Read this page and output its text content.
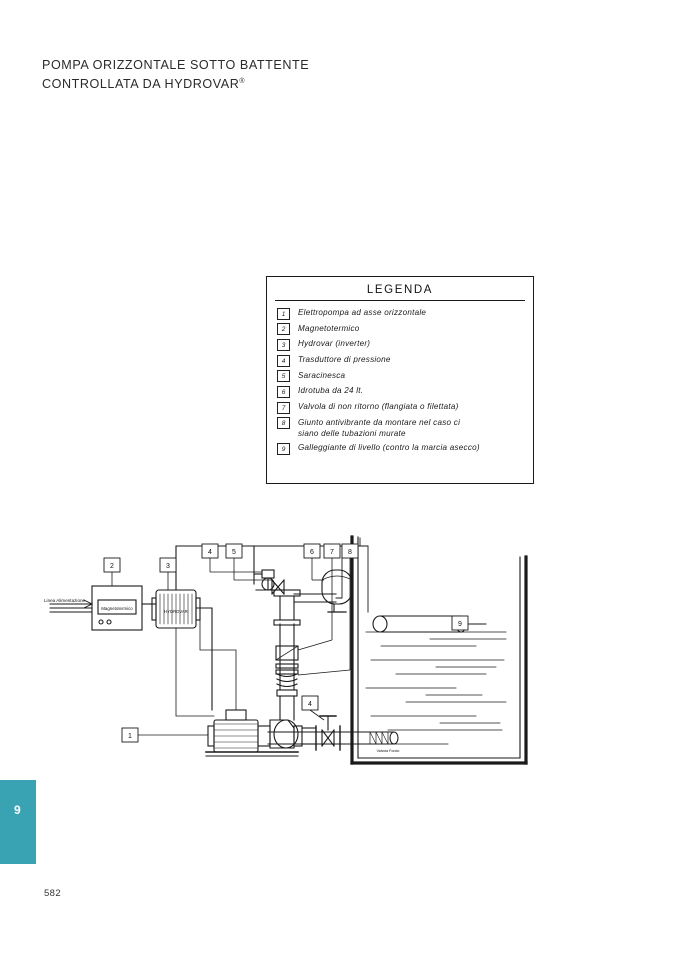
POMPA ORIZZONTALE SOTTO BATTENTE
CONTROLLATA DA HYDROVAR®
LEGENDA
1	Elettropompa ad asse orizzontale
2	Magnetotermico
3	Hydrovar (inverter)
4	Trasduttore di pressione
5	Saracinesca
6	Idrotuba da 24 lt.
7	Valvola di non ritorno (flangiata o filettata)
8	Giunto antivibrante da montare nel caso ci
siano delle tubazioni murate
9	Galleggiante di livello (contro la marcia asecco)
2	3
4	5	6 7 8
9
4
1
Linea Alimentazione
Magnetotermico
HYDROVAR
Valvola Fondo
9
582
